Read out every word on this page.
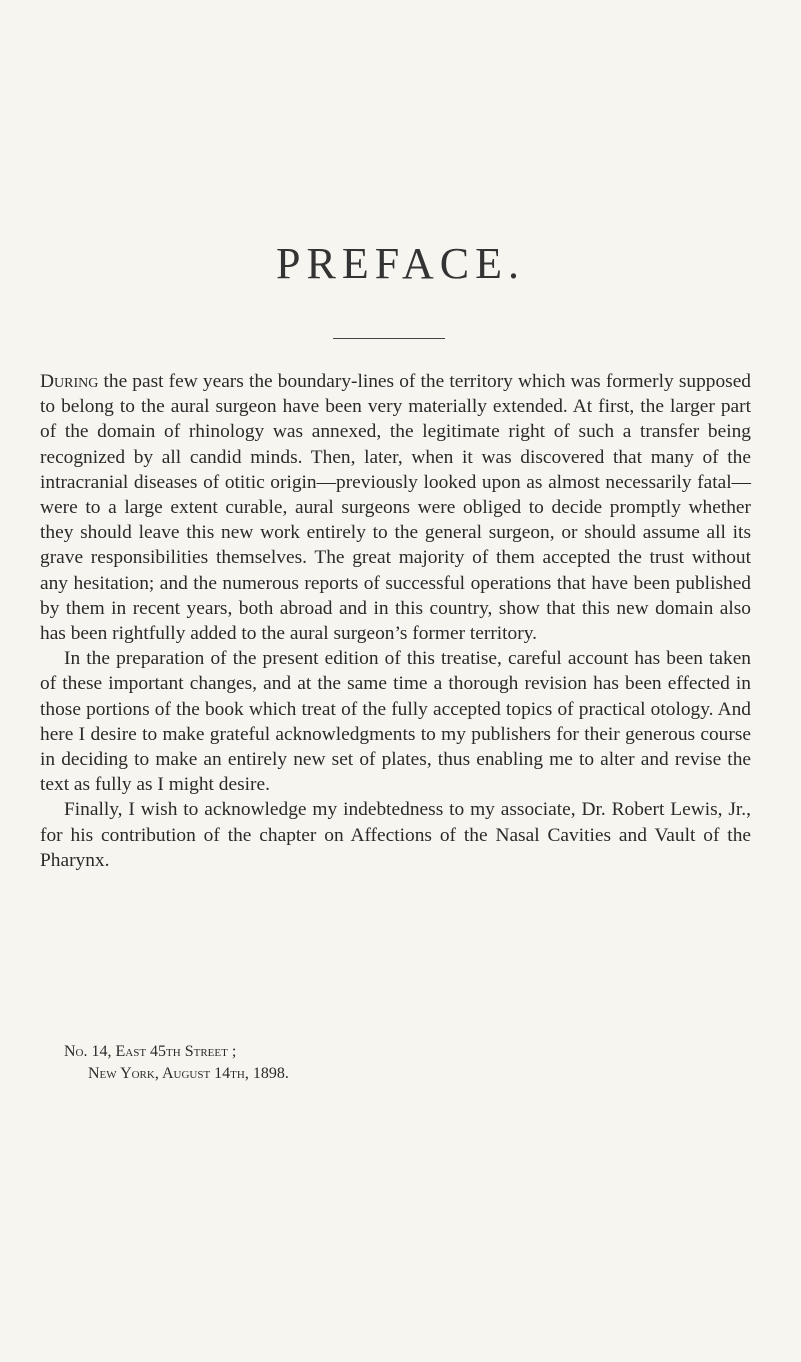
PREFACE.

During the past few years the boundary-lines of the territory which was formerly supposed to belong to the aural surgeon have been very materially extended. At first, the larger part of the domain of rhinology was annexed, the legitimate right of such a transfer being recognized by all candid minds. Then, later, when it was discovered that many of the intracranial diseases of otitic origin—previously looked upon as almost necessarily fatal—were to a large extent curable, aural surgeons were obliged to decide promptly whether they should leave this new work entirely to the general surgeon, or should assume all its grave responsibilities themselves. The great majority of them accepted the trust without any hesitation; and the numerous reports of successful operations that have been published by them in recent years, both abroad and in this country, show that this new domain also has been rightfully added to the aural surgeon’s former territory.

In the preparation of the present edition of this treatise, careful account has been taken of these important changes, and at the same time a thorough revision has been effected in those portions of the book which treat of the fully accepted topics of practical otology. And here I desire to make grateful acknowledgments to my publishers for their generous course in deciding to make an entirely new set of plates, thus enabling me to alter and revise the text as fully as I might desire.

Finally, I wish to acknowledge my indebtedness to my associate, Dr. Robert Lewis, Jr., for his contribution of the chapter on Affections of the Nasal Cavities and Vault of the Pharynx.

No. 14, East 45th Street ;
New York, August 14th, 1898.
